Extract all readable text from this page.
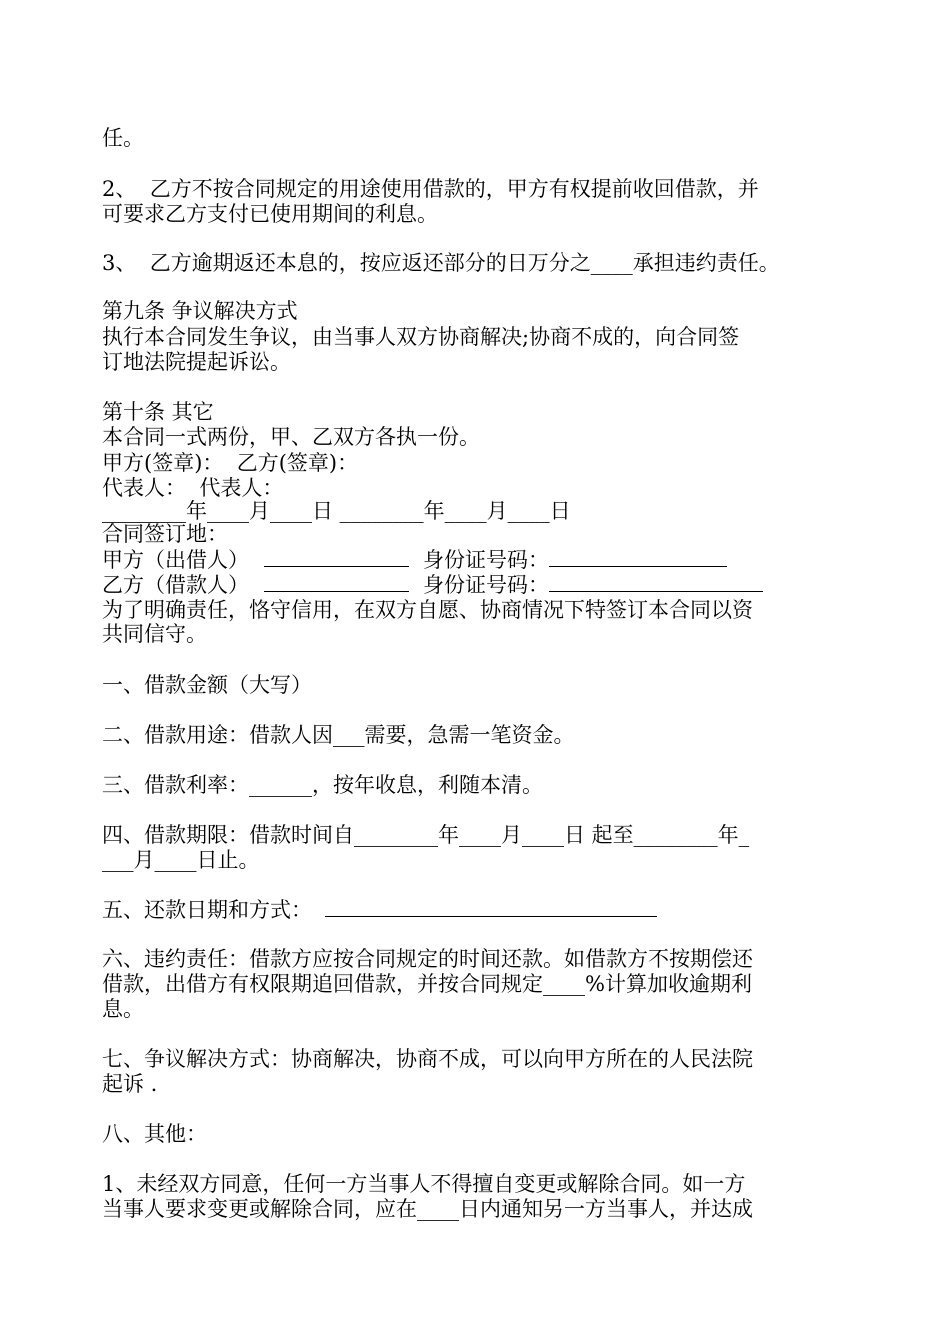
任。
2、  乙方不按合同规定的用途使用借款的，甲方有权提前收回借款，并
可要求乙方支付已使用期间的利息。
3、  乙方逾期返还本息的，按应返还部分的日万分之____承担违约责任。
第九条 争议解决方式
执行本合同发生争议，由当事人双方协商解决;协商不成的，向合同签
订地法院提起诉讼。
第十条 其它
本合同一式两份，甲、乙双方各执一份。
甲方(签章)：  乙方(签章)：
代表人：  代表人：
________年____月____日 ________年____月____日
合同签订地：
甲方（出借人）	身份证号码：
乙方（借款人）	身份证号码：
为了明确责任，恪守信用，在双方自愿、协商情况下特签订本合同以资
共同信守。
一、借款金额（大写）
二、借款用途：借款人因___需要，急需一笔资金。
三、借款利率：______，按年收息，利随本清。
四、借款期限：借款时间自________年____月____日 起至________年_
___月____日止。
五、还款日期和方式：
六、违约责任：借款方应按合同规定的时间还款。如借款方不按期偿还
借款，出借方有权限期追回借款，并按合同规定____%计算加收逾期利
息。
七、争议解决方式：协商解决，协商不成，可以向甲方所在的人民法院
起诉 .
八、其他：
1、未经双方同意，任何一方当事人不得擅自变更或解除合同。如一方
当事人要求变更或解除合同，应在____日内通知另一方当事人，并达成
